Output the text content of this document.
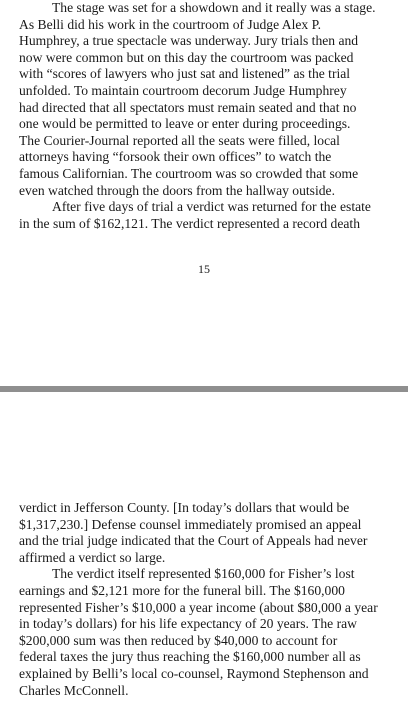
The stage was set for a showdown and it really was a stage.
As Belli did his work in the courtroom of Judge Alex P.
Humphrey, a true spectacle was underway. Jury trials then and
now were common but on this day the courtroom was packed
with “scores of lawyers who just sat and listened” as the trial
unfolded. To maintain courtroom decorum Judge Humphrey
had directed that all spectators must remain seated and that no
one would be permitted to leave or enter during proceedings.
The Courier-Journal reported all the seats were filled, local
attorneys having “forsook their own offices” to watch the
famous Californian. The courtroom was so crowded that some
even watched through the doors from the hallway outside.
After five days of trial a verdict was returned for the estate
in the sum of $162,121. The verdict represented a record death
15
verdict in Jefferson County. [In today’s dollars that would be
$1,317,230.] Defense counsel immediately promised an appeal
and the trial judge indicated that the Court of Appeals had never
affirmed a verdict so large.
The verdict itself represented $160,000 for Fisher’s lost
earnings and $2,121 more for the funeral bill. The $160,000
represented Fisher’s $10,000 a year income (about $80,000 a year
in today’s dollars) for his life expectancy of 20 years. The raw
$200,000 sum was then reduced by $40,000 to account for
federal taxes the jury thus reaching the $160,000 number all as
explained by Belli’s local co-counsel, Raymond Stephenson and
Charles McConnell.
